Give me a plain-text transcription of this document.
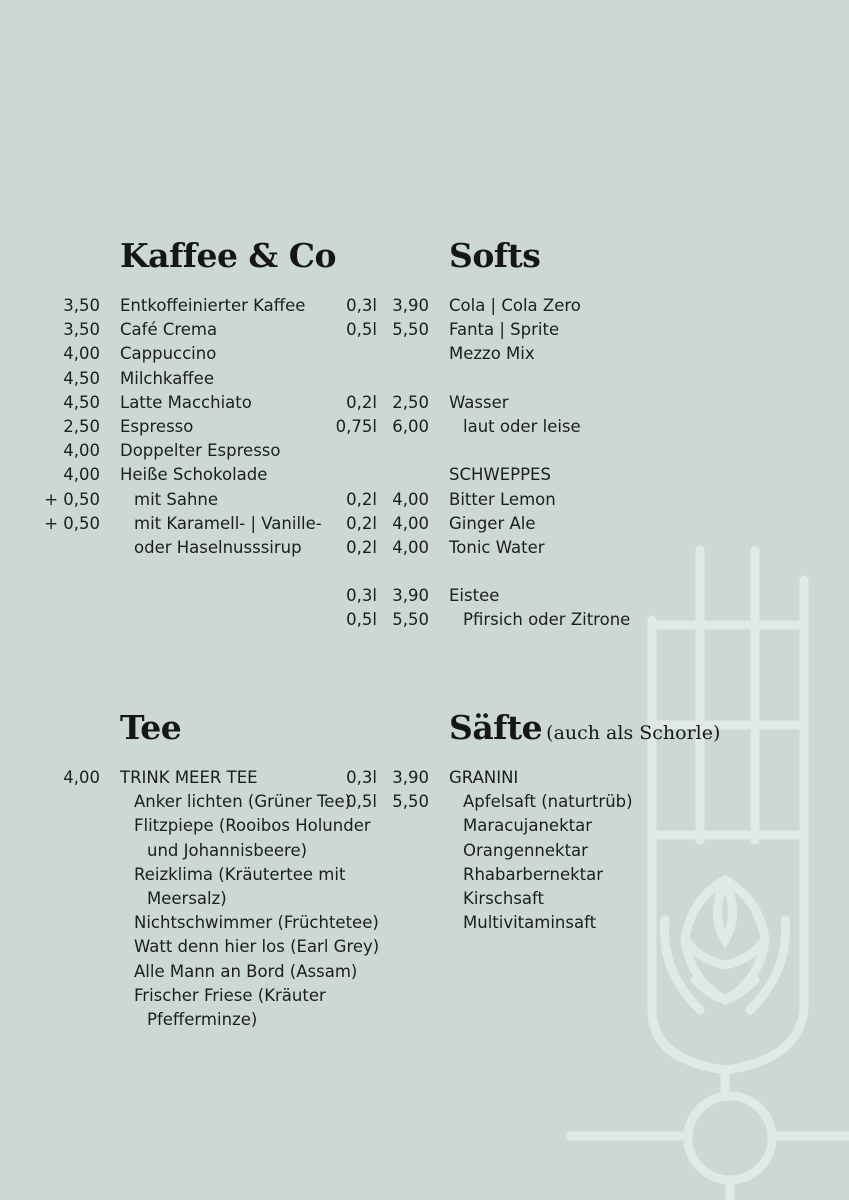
Kaffee & Co
Entkoffeinierter Kaffee
3,50
Café Crema
3,50
Cappuccino
4,00
Milchkaffee
4,50
Latte Macchiato
4,50
Espresso
2,50
Doppelter Espresso
4,00
Heiße Schokolade
4,00
mit Sahne
+ 0,50
mit Karamell- | Vanille-
+ 0,50
oder Haselnusssirup
Softs
Cola | Cola Zero
0,3l 3,90
Fanta | Sprite
0,5l 5,50
Mezzo Mix
Wasser
0,2l 2,50
laut oder leise
0,75l 6,00
SCHWEPPES
Bitter Lemon
0,2l 4,00
Ginger Ale
0,2l 4,00
Tonic Water
0,2l 4,00
Eistee
0,3l 3,90
Pfirsich oder Zitrone
0,5l 5,50
Tee
TRINK MEER TEE
4,00
Anker lichten (Grüner Tee)
Flitzpiepe (Rooibos Holunder
und Johannisbeere)
Reizklima (Kräutertee mit
Meersalz)
Nichtschwimmer (Früchtetee)
Watt denn hier los (Earl Grey)
Alle Mann an Bord (Assam)
Frischer Friese (Kräuter
Pfefferminze)
Säfte (auch als Schorle)
GRANINI
0,3l 3,90
Apfelsaft (naturtrüb)
0,5l 5,50
Maracujanektar
Orangennektar
Rhabarbernektar
Kirschsaft
Multivitaminsaft
